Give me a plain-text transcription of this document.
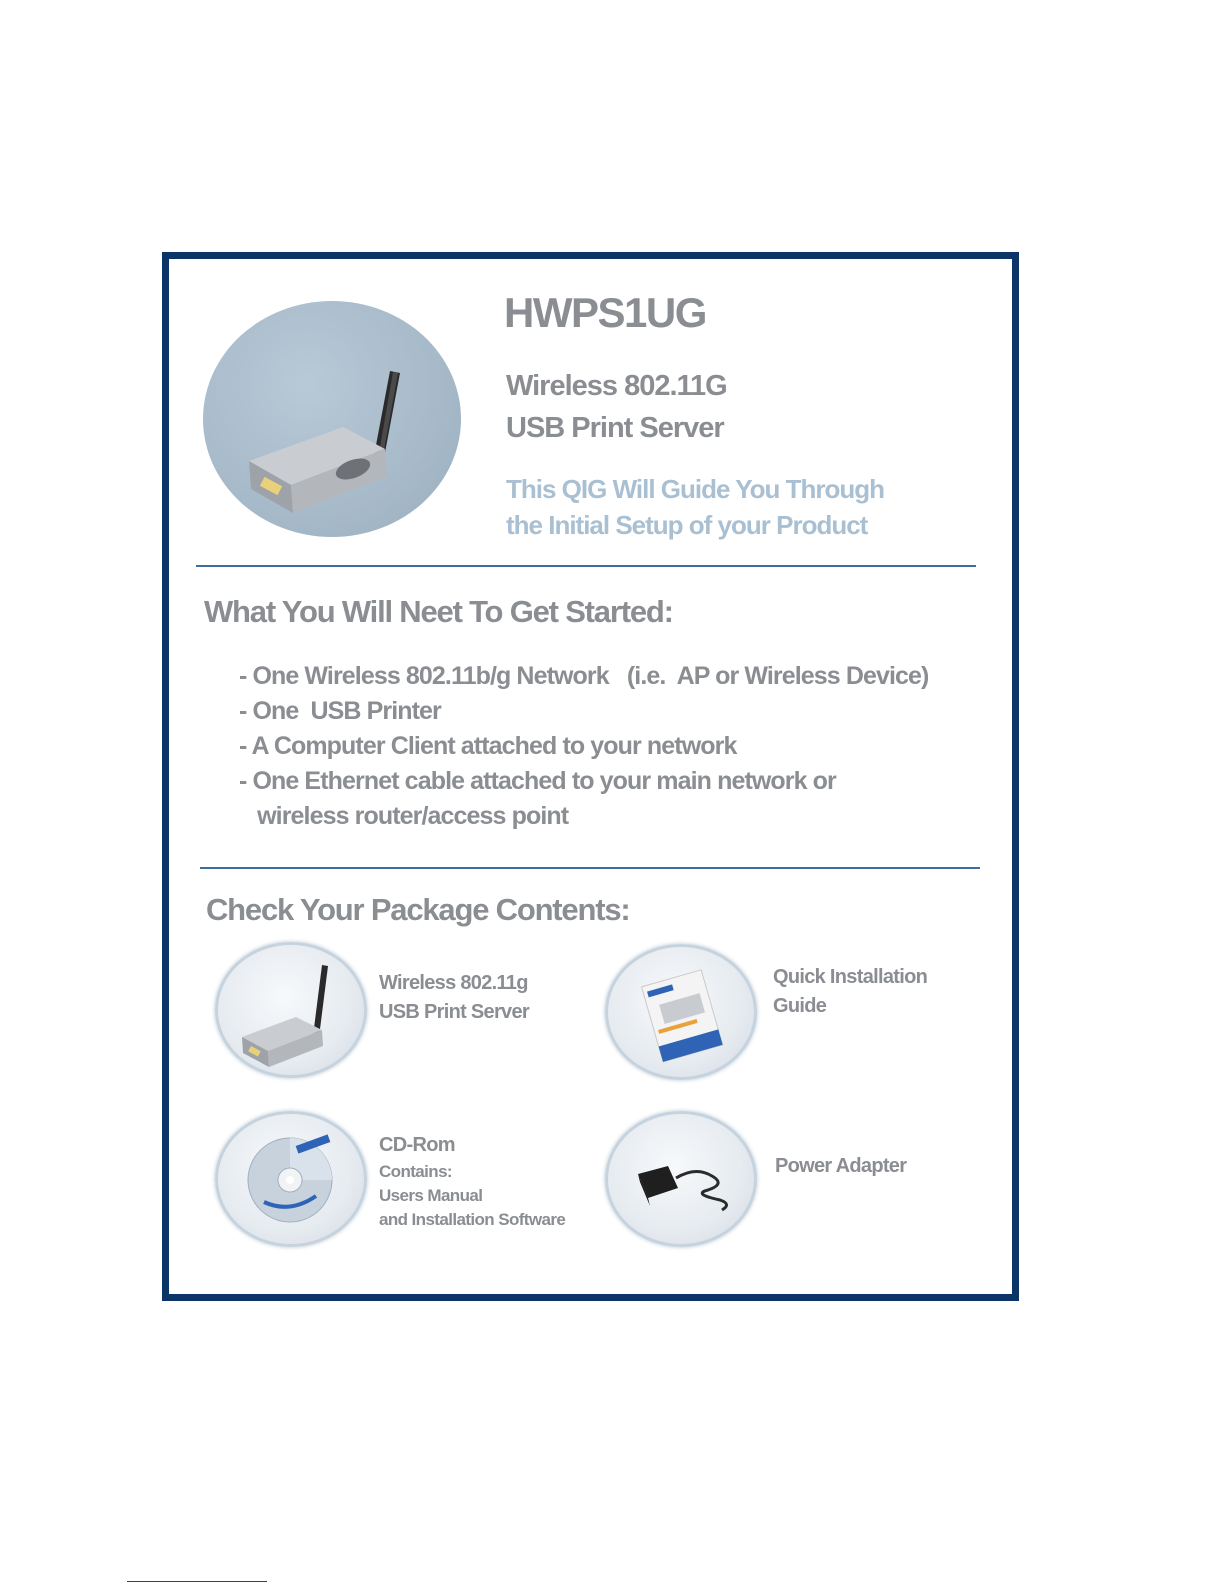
HWPS1UG
Wireless 802.11G
USB Print Server
This QIG Will Guide You Through
the Initial Setup of your Product
What You Will Neet To Get Started:
- One Wireless 802.11b/g Network   (i.e.  AP or Wireless Device)
- One  USB Printer
- A Computer Client attached to your network
- One Ethernet cable attached to your main network or
wireless router/access point
Check Your Package Contents:
Wireless 802.11g
USB Print Server
Quick Installation
Guide
CD-Rom
Contains:
Users Manual
and Installation Software
Power Adapter
